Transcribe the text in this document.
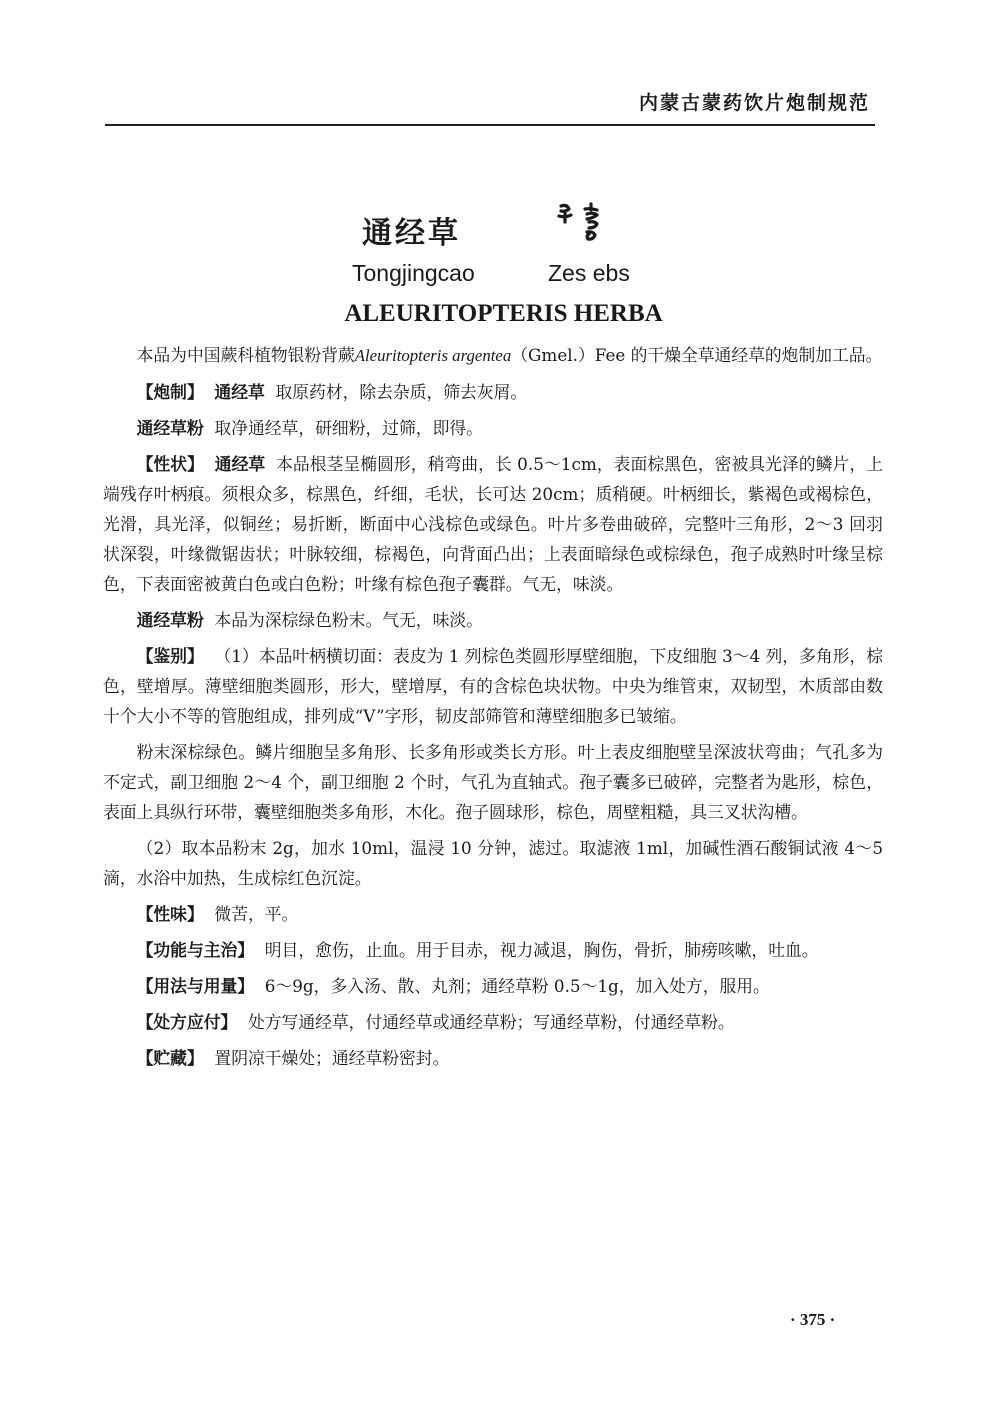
内蒙古蒙药饮片炮制规范
通经草
Tongjingcao	Zes ebs
ALEURITOPTERIS HERBA

本品为中国蕨科植物银粉背蕨Aleuritopteris argentea（Gmel.）Fee 的干燥全草通经草的炮制加工品。

【炮制】 通经草 取原药材，除去杂质，筛去灰屑。

通经草粉 取净通经草，研细粉，过筛，即得。

【性状】 通经草 本品根茎呈椭圆形，稍弯曲，长 0.5～1cm，表面棕黑色，密被具光泽的鳞片，上端残存叶柄痕。须根众多，棕黑色，纤细，毛状，长可达 20cm；质稍硬。叶柄细长，紫褐色或褐棕色，光滑，具光泽，似铜丝；易折断，断面中心浅棕色或绿色。叶片多卷曲破碎，完整叶三角形，2～3 回羽状深裂，叶缘微锯齿状；叶脉较细，棕褐色，向背面凸出；上表面暗绿色或棕绿色，孢子成熟时叶缘呈棕色，下表面密被黄白色或白色粉；叶缘有棕色孢子囊群。气无，味淡。

通经草粉 本品为深棕绿色粉末。气无，味淡。

【鉴别】 （1）本品叶柄横切面：表皮为 1 列棕色类圆形厚壁细胞，下皮细胞 3～4 列，多角形，棕色，壁增厚。薄壁细胞类圆形，形大，壁增厚，有的含棕色块状物。中央为维管束，双韧型，木质部由数十个大小不等的管胞组成，排列成“V”字形，韧皮部筛管和薄壁细胞多已皱缩。

粉末深棕绿色。鳞片细胞呈多角形、长多角形或类长方形。叶上表皮细胞壁呈深波状弯曲；气孔多为不定式，副卫细胞 2～4 个，副卫细胞 2 个时，气孔为直轴式。孢子囊多已破碎，完整者为匙形，棕色，表面上具纵行环带，囊壁细胞类多角形，木化。孢子圆球形，棕色，周壁粗糙，具三叉状沟槽。

（2）取本品粉末 2g，加水 10ml，温浸 10 分钟，滤过。取滤液 1ml，加碱性酒石酸铜试液 4～5 滴，水浴中加热，生成棕红色沉淀。

【性味】 微苦，平。

【功能与主治】 明目，愈伤，止血。用于目赤，视力减退，胸伤，骨折，肺痨咳嗽，吐血。

【用法与用量】 6～9g，多入汤、散、丸剂；通经草粉 0.5～1g，加入处方，服用。

【处方应付】 处方写通经草，付通经草或通经草粉；写通经草粉，付通经草粉。

【贮藏】 置阴凉干燥处；通经草粉密封。

· 375 ·
